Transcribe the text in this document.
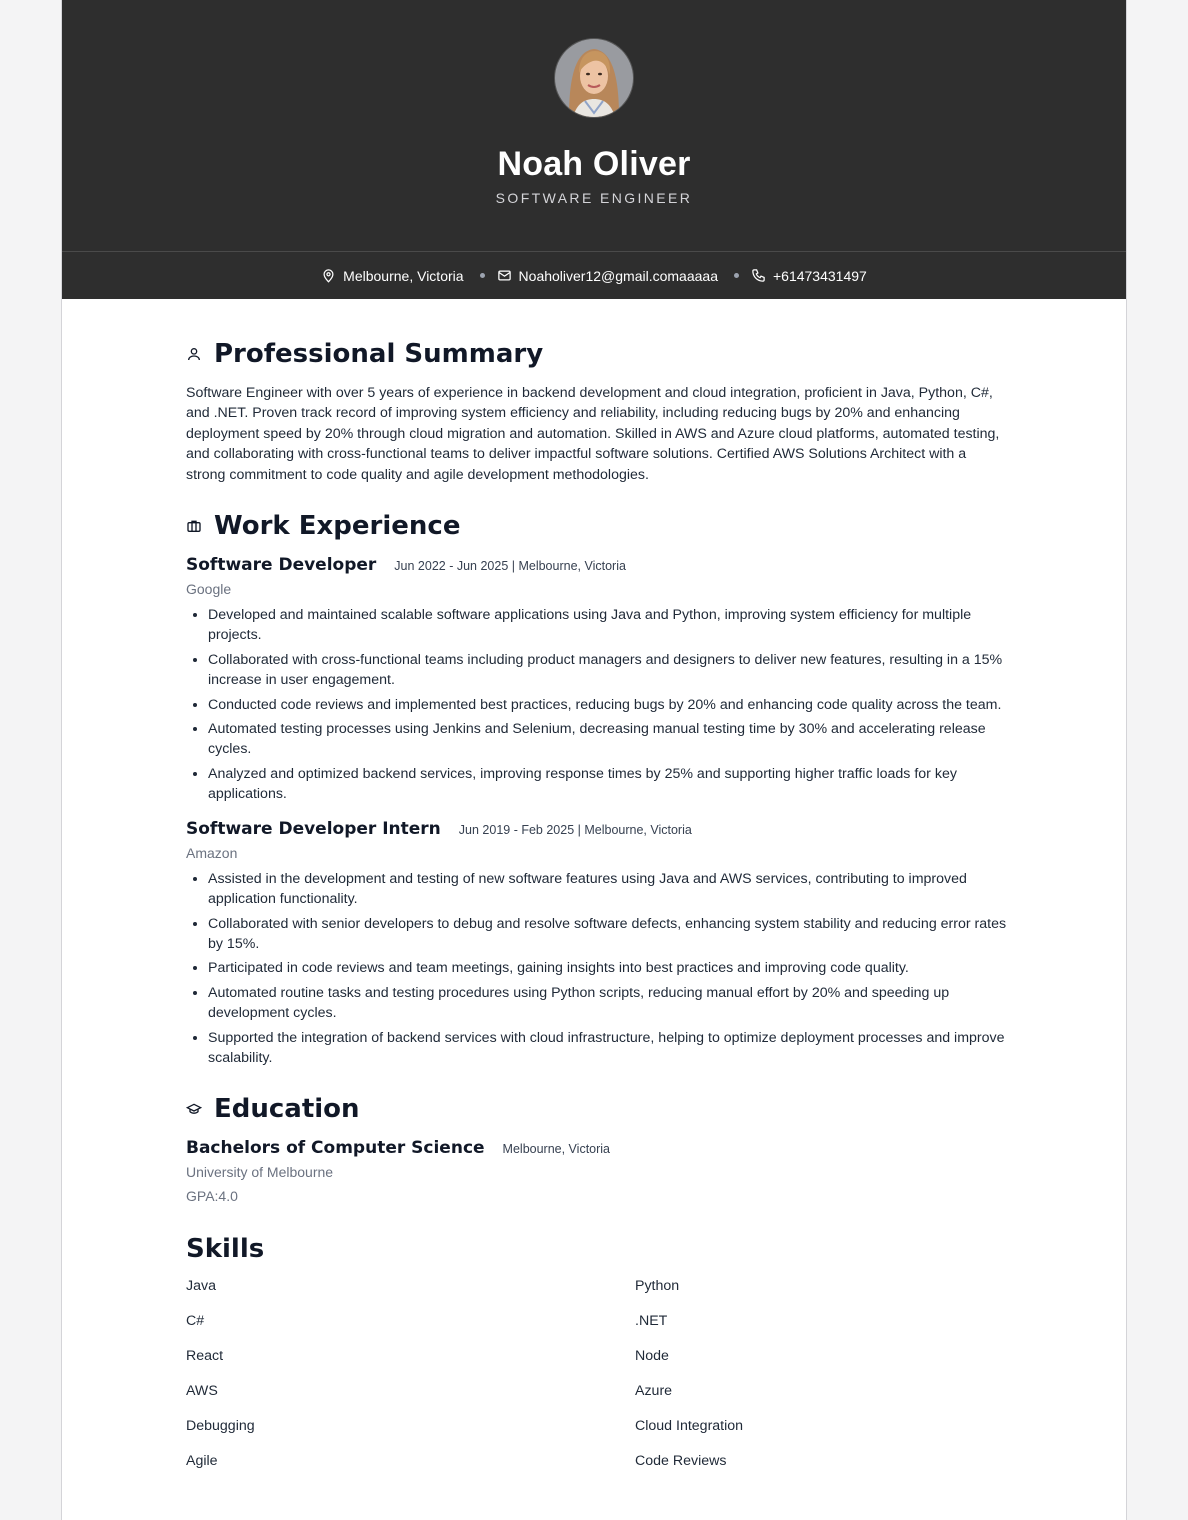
Noah Oliver
SOFTWARE ENGINEER
Melbourne, Victoria	Noaholiver12@gmail.comaaaaa	+61473431497
Professional Summary

Software Engineer with over 5 years of experience in backend development and cloud integration, proficient in Java, Python, C#, and .NET. Proven track record of improving system efficiency and reliability, including reducing bugs by 20% and enhancing deployment speed by 20% through cloud migration and automation. Skilled in AWS and Azure cloud platforms, automated testing, and collaborating with cross-functional teams to deliver impactful software solutions. Certified AWS Solutions Architect with a strong commitment to code quality and agile development methodologies.

Work Experience
Software Developer Jun 2022 - Jun 2025 | Melbourne, Victoria
Google
• Developed and maintained scalable software applications using Java and Python, improving system efficiency for multiple projects.
• Collaborated with cross-functional teams including product managers and designers to deliver new features, resulting in a 15% increase in user engagement.
• Conducted code reviews and implemented best practices, reducing bugs by 20% and enhancing code quality across the team.
• Automated testing processes using Jenkins and Selenium, decreasing manual testing time by 30% and accelerating release cycles.
• Analyzed and optimized backend services, improving response times by 25% and supporting higher traffic loads for key applications.
Software Developer Intern Jun 2019 - Feb 2025 | Melbourne, Victoria
Amazon
• Assisted in the development and testing of new software features using Java and AWS services, contributing to improved application functionality.
• Collaborated with senior developers to debug and resolve software defects, enhancing system stability and reducing error rates by 15%.
• Participated in code reviews and team meetings, gaining insights into best practices and improving code quality.
• Automated routine tasks and testing procedures using Python scripts, reducing manual effort by 20% and speeding up development cycles.
• Supported the integration of backend services with cloud infrastructure, helping to optimize deployment processes and improve scalability.
Education
Bachelors of Computer Science Melbourne, Victoria
University of Melbourne
GPA:4.0
Skills
Java	Python
C#	.NET
React	Node
AWS	Azure
Debugging	Cloud Integration
Agile	Code Reviews
